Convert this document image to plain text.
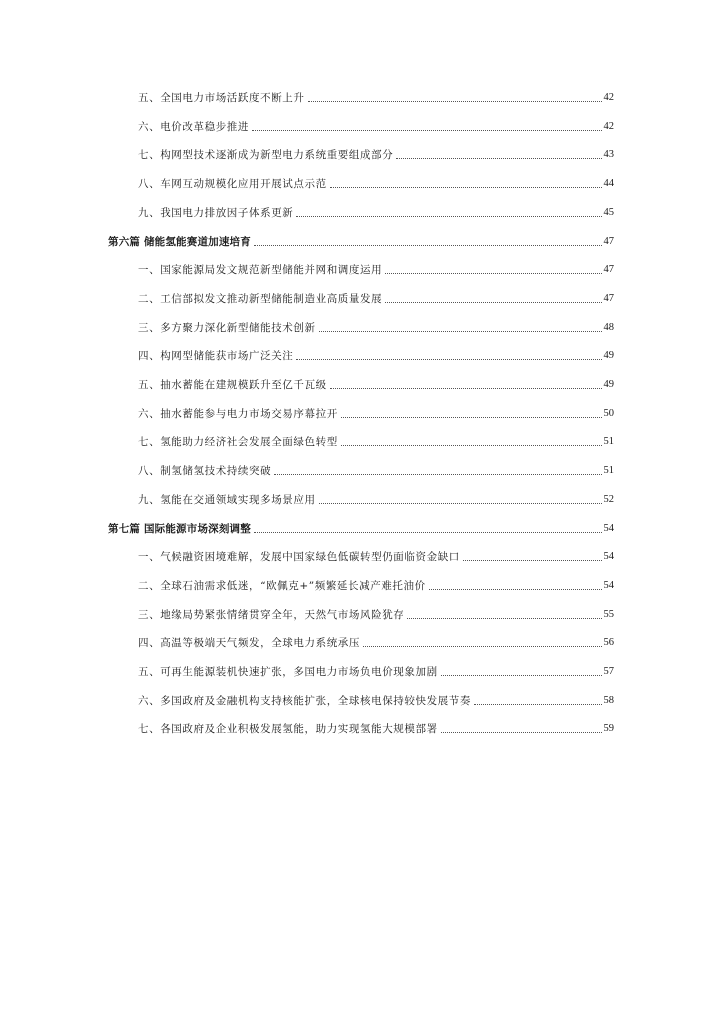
五、全国电力市场活跃度不断上升	42
六、电价改革稳步推进	42
七、构网型技术逐渐成为新型电力系统重要组成部分	43
八、车网互动规模化应用开展试点示范	44
九、我国电力排放因子体系更新	45
第六篇 储能氢能赛道加速培育	47
一、国家能源局发文规范新型储能并网和调度运用	47
二、工信部拟发文推动新型储能制造业高质量发展	47
三、多方聚力深化新型储能技术创新	48
四、构网型储能获市场广泛关注	49
五、抽水蓄能在建规模跃升至亿千瓦级	49
六、抽水蓄能参与电力市场交易序幕拉开	50
七、氢能助力经济社会发展全面绿色转型	51
八、制氢储氢技术持续突破	51
九、氢能在交通领域实现多场景应用	52
第七篇 国际能源市场深刻调整	54
一、气候融资困境难解，发展中国家绿色低碳转型仍面临资金缺口	54
二、全球石油需求低迷，“欧佩克+”频繁延长减产难托油价	54
三、地缘局势紧张情绪贯穿全年，天然气市场风险犹存	55
四、高温等极端天气频发，全球电力系统承压	56
五、可再生能源装机快速扩张，多国电力市场负电价现象加剧	57
六、多国政府及金融机构支持核能扩张，全球核电保持较快发展节奏	58
七、各国政府及企业积极发展氢能，助力实现氢能大规模部署	59
